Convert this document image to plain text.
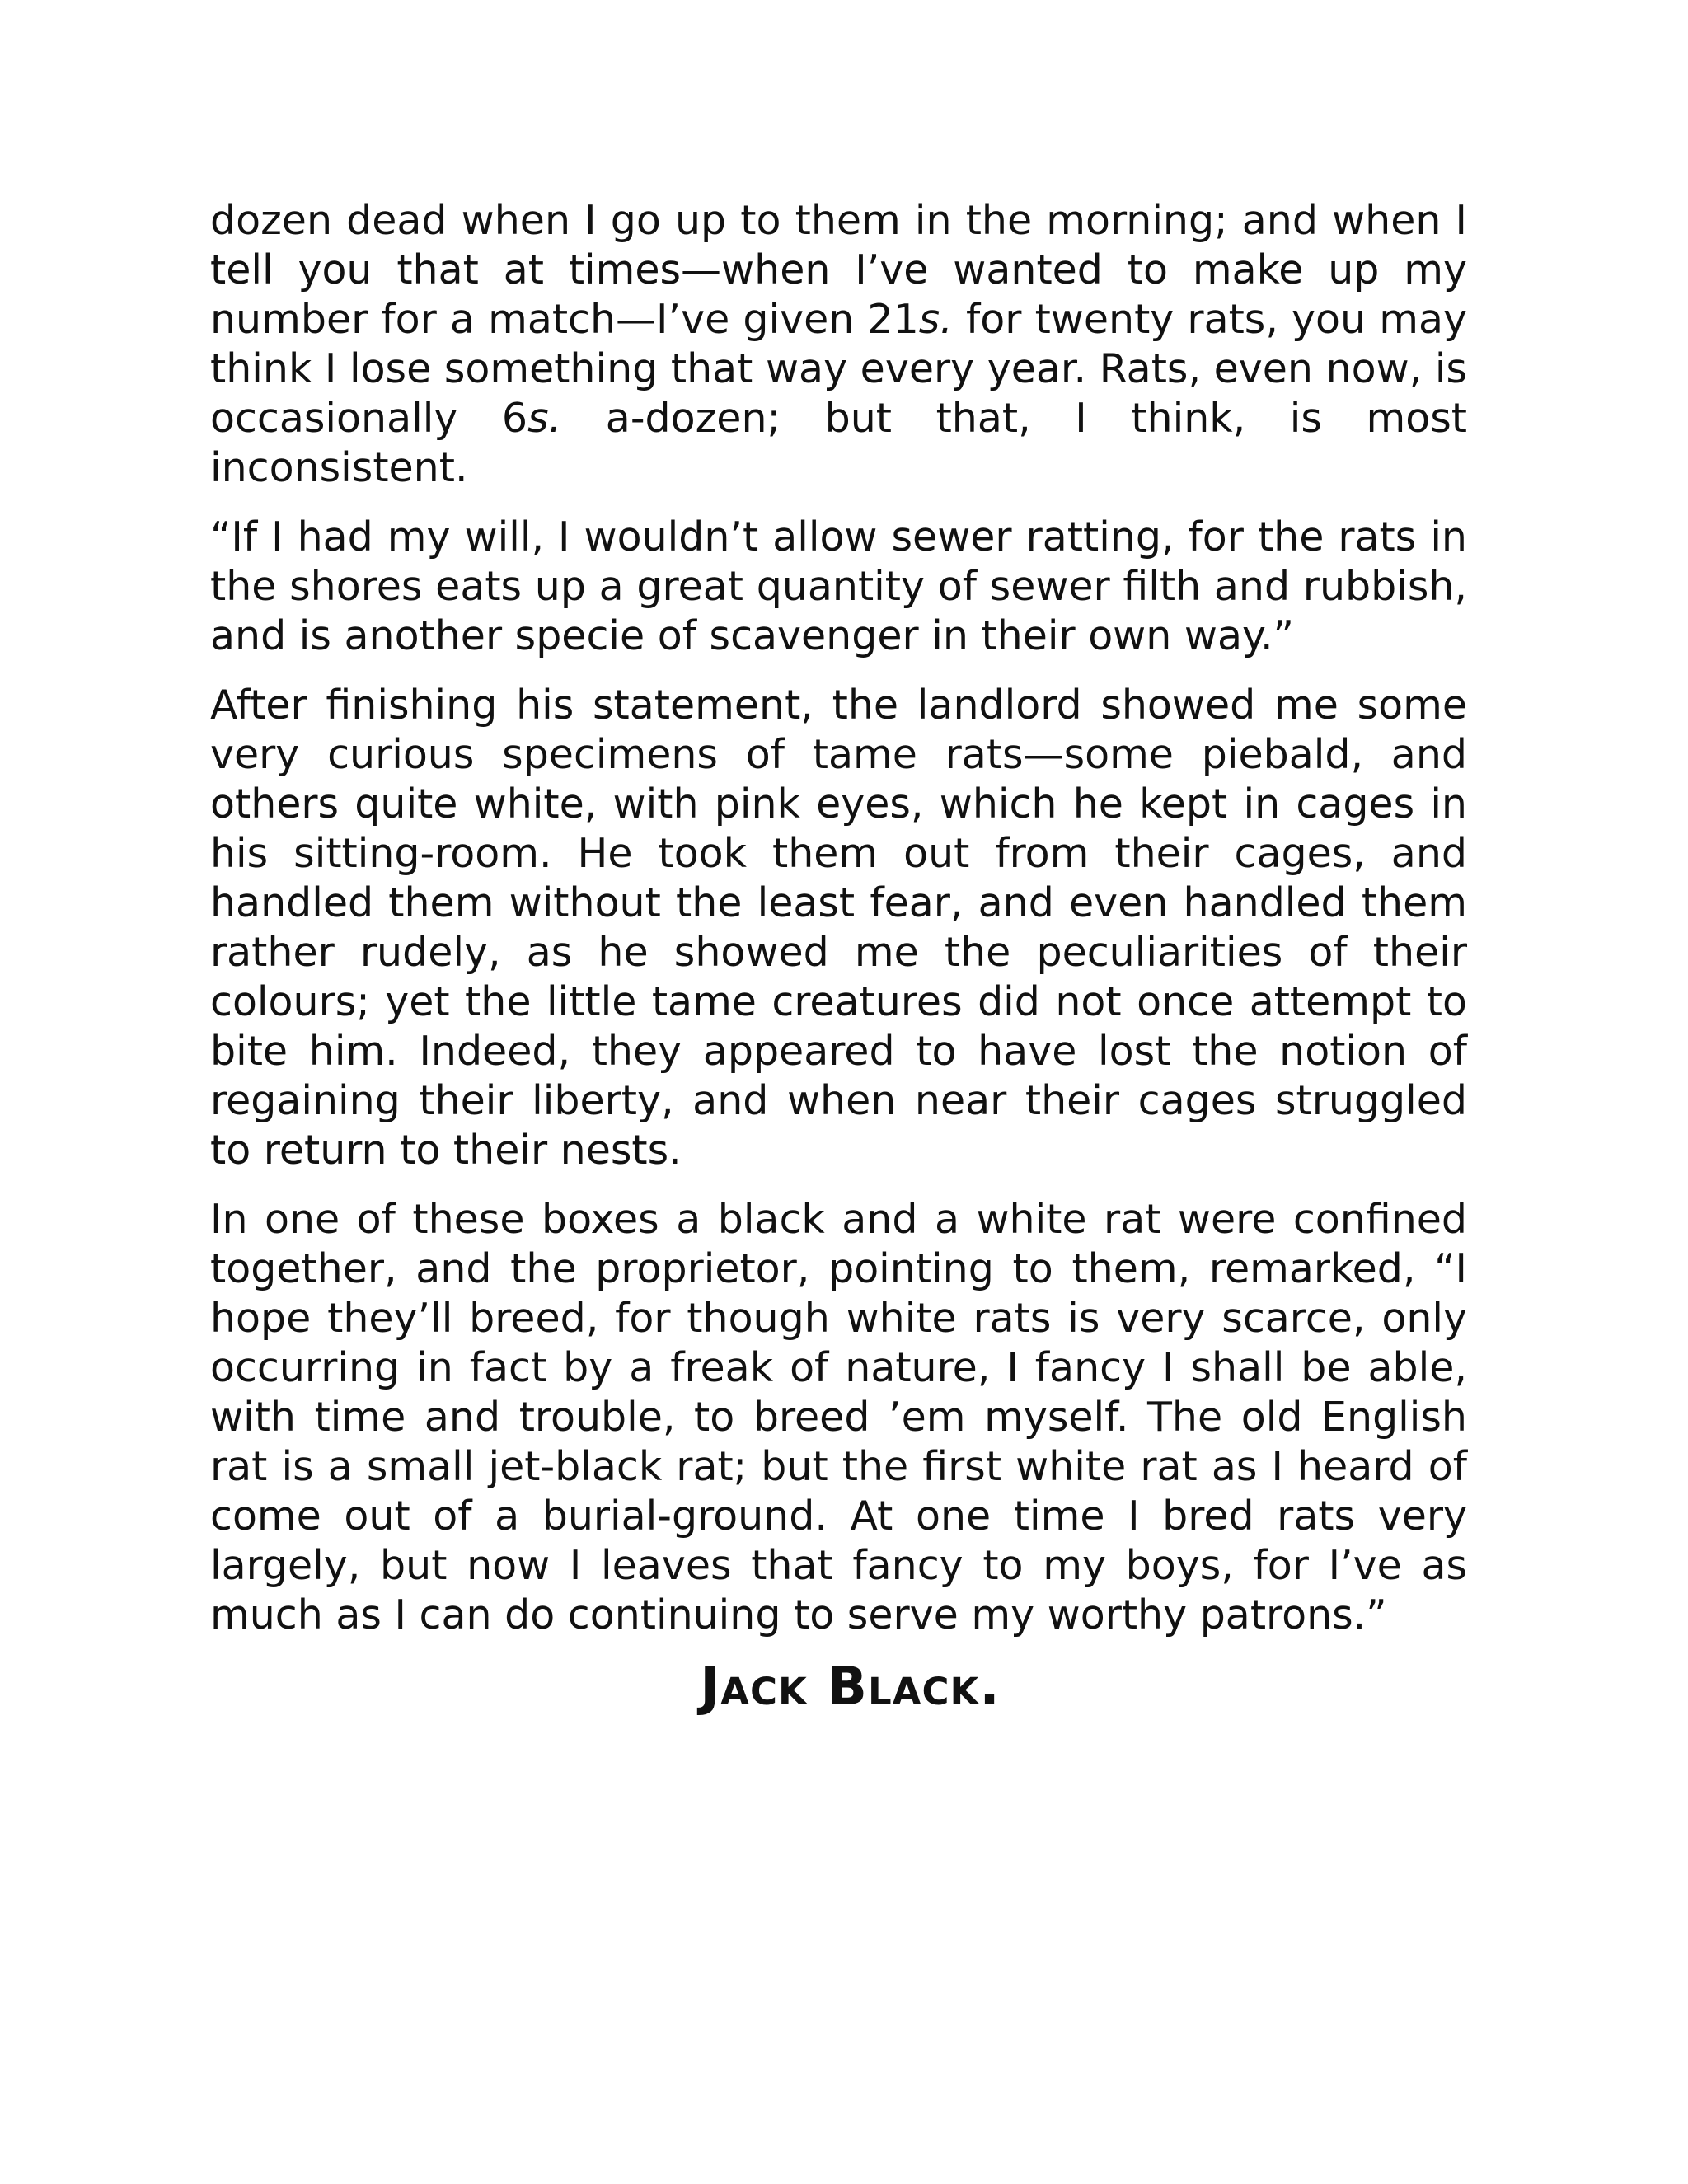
dozen dead when I go up to them in the morning; and when I tell you that at times—when I’ve wanted to make up my number for a match—I’ve given 21s. for twenty rats, you may think I lose something that way every year. Rats, even now, is occasionally 6s. a-dozen; but that, I think, is most inconsistent.

“If I had my will, I wouldn’t allow sewer ratting, for the rats in the shores eats up a great quantity of sewer filth and rubbish, and is another specie of scavenger in their own way.”

After finishing his statement, the landlord showed me some very curious specimens of tame rats—some piebald, and others quite white, with pink eyes, which he kept in cages in his sitting-room. He took them out from their cages, and handled them without the least fear, and even handled them rather rudely, as he showed me the peculiarities of their colours; yet the little tame creatures did not once attempt to bite him. Indeed, they appeared to have lost the notion of regaining their liberty, and when near their cages struggled to return to their nests.

In one of these boxes a black and a white rat were confined together, and the proprietor, pointing to them, remarked, “I hope they’ll breed, for though white rats is very scarce, only occurring in fact by a freak of nature, I fancy I shall be able, with time and trouble, to breed ’em myself. The old English rat is a small jet-black rat; but the first white rat as I heard of come out of a burial-ground. At one time I bred rats very largely, but now I leaves that fancy to my boys, for I’ve as much as I can do continuing to serve my worthy patrons.”

Jack Black.
